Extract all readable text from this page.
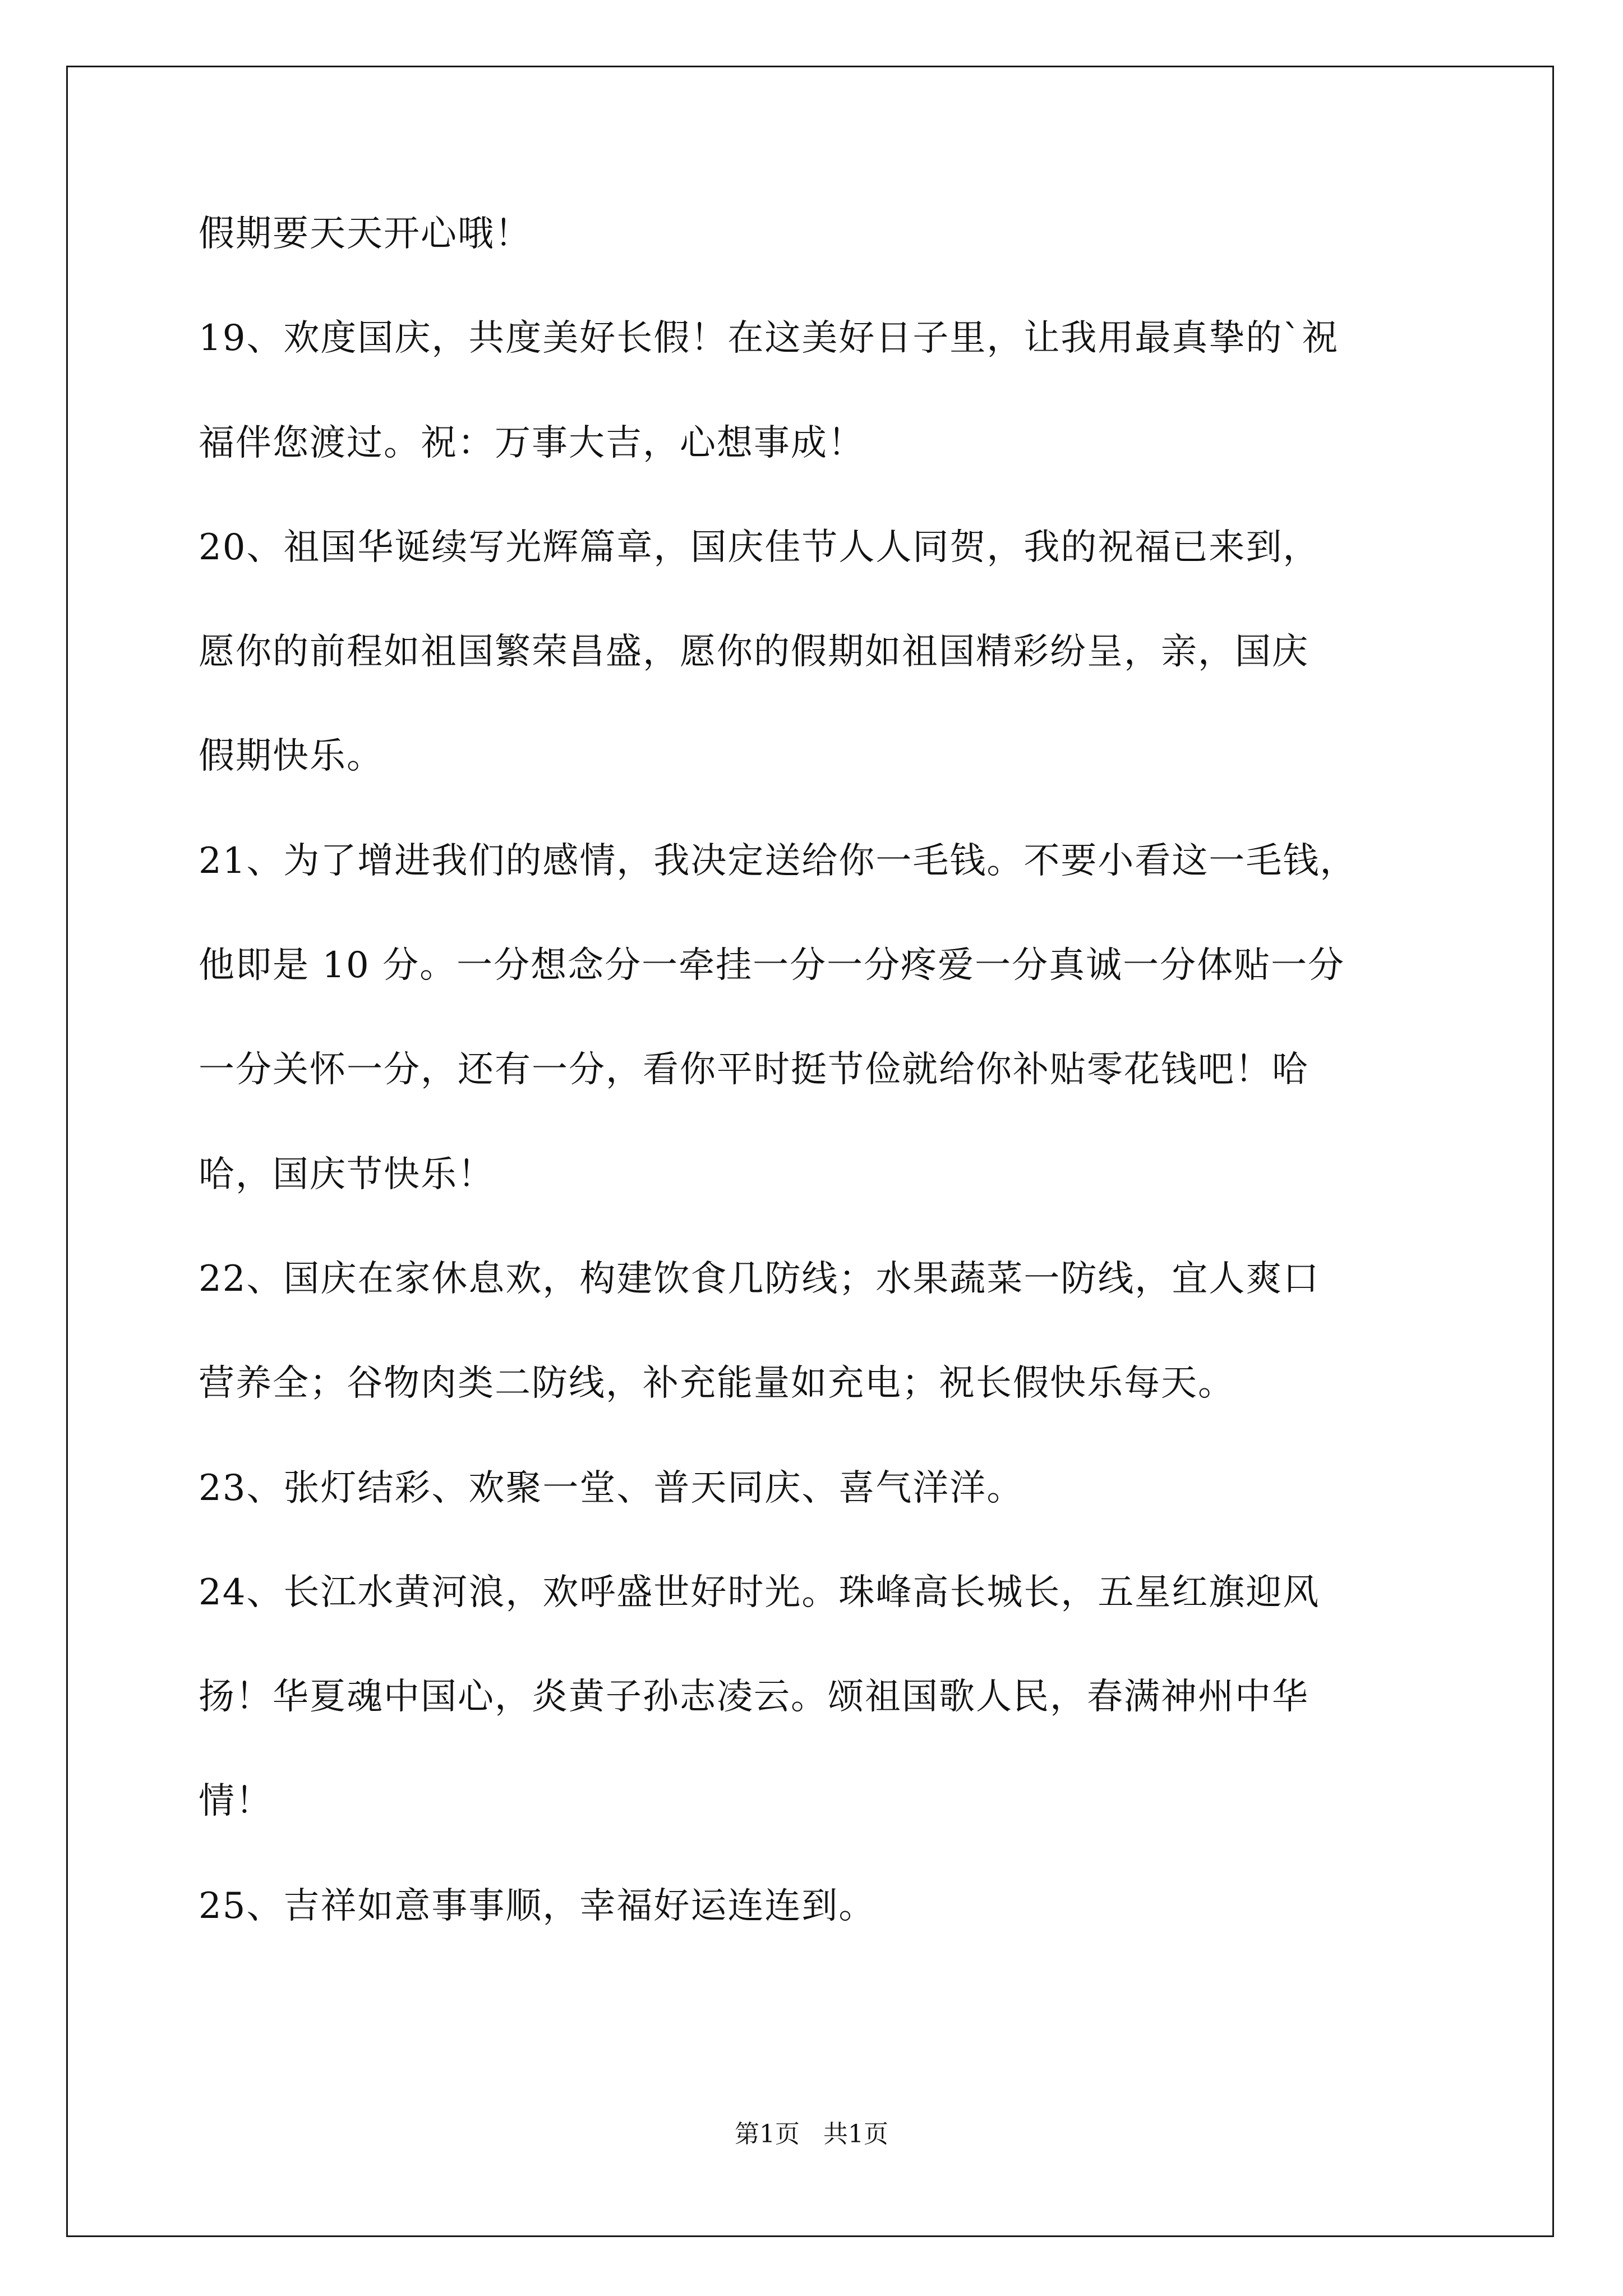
假期要天天开心哦！
19、欢度国庆，共度美好长假！在这美好日子里，让我用最真挚的`祝
福伴您渡过。祝：万事大吉，心想事成！
20、祖国华诞续写光辉篇章，国庆佳节人人同贺，我的祝福已来到，
愿你的前程如祖国繁荣昌盛，愿你的假期如祖国精彩纷呈，亲，国庆
假期快乐。
21、为了增进我们的感情，我决定送给你一毛钱。不要小看这一毛钱，
他即是 10 分。一分想念分一牵挂一分一分疼爱一分真诚一分体贴一分
一分关怀一分，还有一分，看你平时挺节俭就给你补贴零花钱吧！哈
哈，国庆节快乐！
22、国庆在家休息欢，构建饮食几防线；水果蔬菜一防线，宜人爽口
营养全；谷物肉类二防线，补充能量如充电；祝长假快乐每天。
23、张灯结彩、欢聚一堂、普天同庆、喜气洋洋。
24、长江水黄河浪，欢呼盛世好时光。珠峰高长城长，五星红旗迎风
扬！华夏魂中国心，炎黄子孙志凌云。颂祖国歌人民，春满神州中华
情！
25、吉祥如意事事顺，幸福好运连连到。
第1页   共1页
